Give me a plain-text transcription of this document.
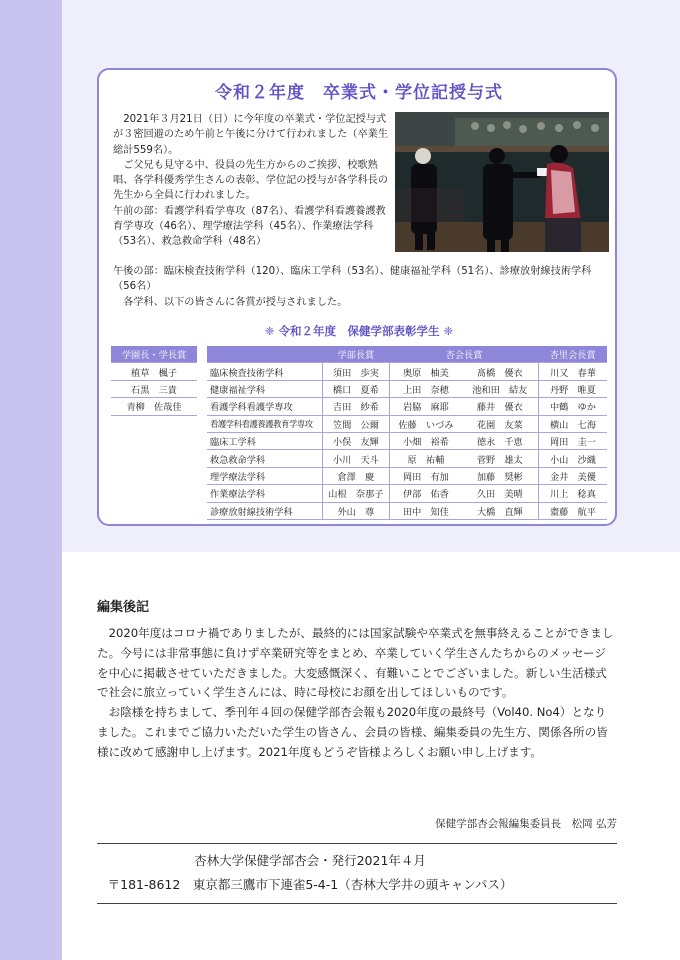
令和２年度　卒業式・学位記授与式

2021年３月21日（日）に今年度の卒業式・学位記授与式が３密回避のため午前と午後に分けて行われました（卒業生総計559名）。

ご父兄も見守る中、役員の先生方からのご挨拶、校歌熟唱、各学科優秀学生さんの表彰、学位記の授与が各学科長の先生から全員に行われました。

午前の部：看護学科看学専攻（87名）、看護学科看護養護教育学専攻（46名）、理学療法学科（45名）、作業療法学科（53名）、救急救命学科（48名）

午後の部：臨床検査技術学科（120）、臨床工学科（53名）、健康福祉学科（51名）、診療放射線技術学科（56名）

各学科、以下の皆さんに各賞が授与されました。

❈ 令和２年度　保健学部表彰学生 ❈
学園長・学長賞
植草　楓子
石黒　三貴
青柳　佐哉佳
	学部長賞	杏会長賞		杏里会長賞
臨床検査技術学科	須田　歩実	奥原　柚美	髙橋　優衣	川又　春華
健康福祉学科	橋口　夏希	上田　奈穂	池和田　結友	丹野　唯夏
看護学科看護学専攻	吉田　紗希	岩脇　麻耶	藤井　優衣	中鶴　ゆか
看護学科看護養護教育学専攻	笠間　公爾	佐藤　いづみ	花園　友菜	横山　七海
臨床工学科	小俣　友輝	小畑　裕希	徳永　千恵	岡田　圭一
救急救命学科	小川　天斗	原　祐輔	菅野　雄太	小山　沙織
理学療法学科	倉澤　慶	岡田　有加	加藤　奨彬	金井　美優
作業療法学科	山根　奈那子	伊部　佑香	久田　美晴	川上　稔真
診療放射線技術学科	外山　尊	田中　知佳	大橋　直輝	齋藤　航平
編集後記

2020年度はコロナ禍でありましたが、最終的には国家試験や卒業式を無事終えることができました。今号には非常事態に負けず卒業研究等をまとめ、卒業していく学生さんたちからのメッセージを中心に掲載させていただきました。大変感慨深く、有難いことでございました。新しい生活様式で社会に旅立っていく学生さんには、時に母校にお顔を出してほしいものです。

お陰様を持ちまして、季刊年４回の保健学部杏会報も2020年度の最終号（Vol40. No4）となりました。これまでご協力いただいた学生の皆さん、会員の皆様、編集委員の先生方、関係各所の皆様に改めて感謝申し上げます。2021年度もどうぞ皆様よろしくお願い申し上げます。

保健学部杏会報編集委員長　松岡 弘芳
杏林大学保健学部杏会・発行2021年４月
〒181-8612　東京都三鷹市下連雀5-4-1（杏林大学井の頭キャンパス）
